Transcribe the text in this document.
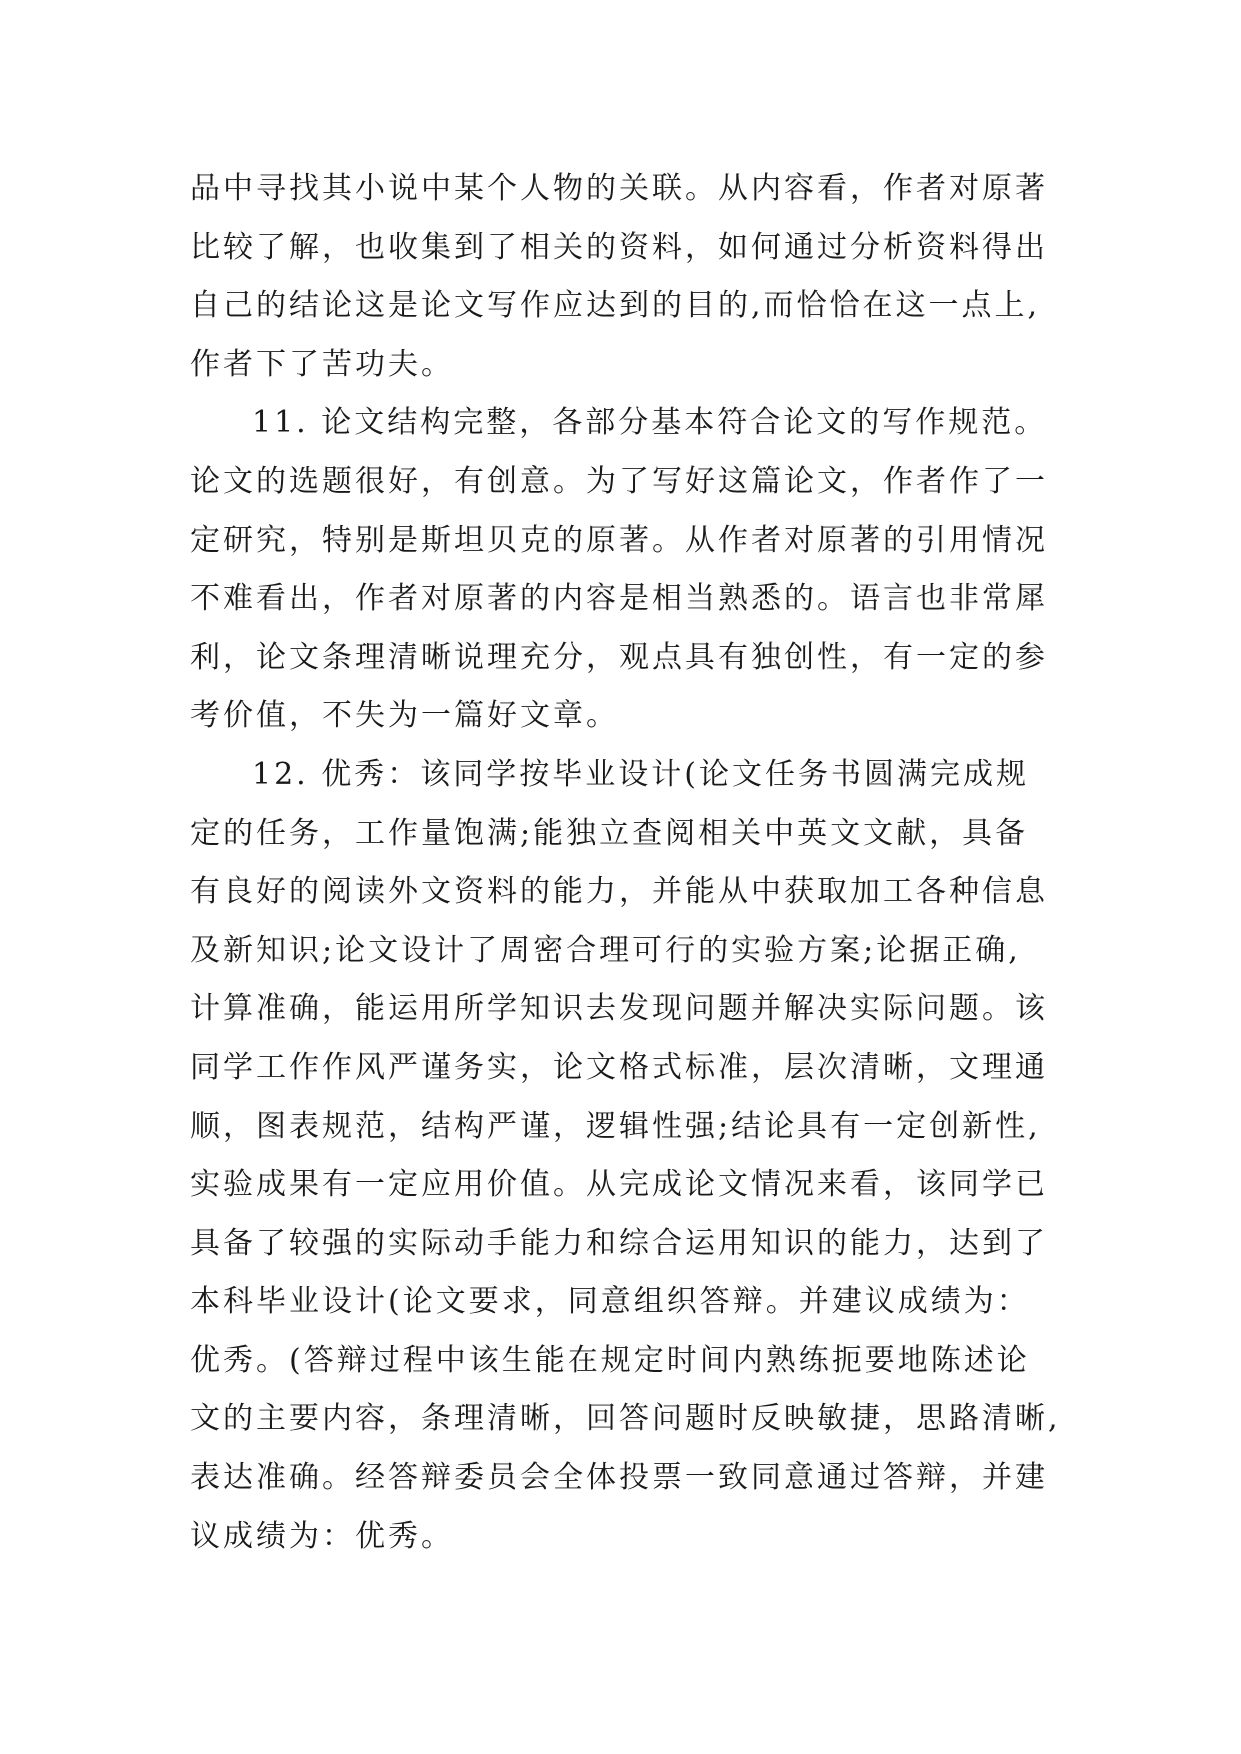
品中寻找其小说中某个人物的关联。从内容看，作者对原著
比较了解，也收集到了相关的资料，如何通过分析资料得出
自己的结论这是论文写作应达到的目的,而恰恰在这一点上,
作者下了苦功夫。
11. 论文结构完整，各部分基本符合论文的写作规范。
论文的选题很好，有创意。为了写好这篇论文，作者作了一
定研究，特别是斯坦贝克的原著。从作者对原著的引用情况
不难看出，作者对原著的内容是相当熟悉的。语言也非常犀
利，论文条理清晰说理充分，观点具有独创性，有一定的参
考价值，不失为一篇好文章。
12. 优秀：该同学按毕业设计(论文任务书圆满完成规
定的任务，工作量饱满;能独立查阅相关中英文文献，具备
有良好的阅读外文资料的能力，并能从中获取加工各种信息
及新知识;论文设计了周密合理可行的实验方案;论据正确,
计算准确，能运用所学知识去发现问题并解决实际问题。该
同学工作作风严谨务实，论文格式标准，层次清晰，文理通
顺，图表规范，结构严谨，逻辑性强;结论具有一定创新性,
实验成果有一定应用价值。从完成论文情况来看，该同学已
具备了较强的实际动手能力和综合运用知识的能力，达到了
本科毕业设计(论文要求，同意组织答辩。并建议成绩为：
优秀。(答辩过程中该生能在规定时间内熟练扼要地陈述论
文的主要内容，条理清晰，回答问题时反映敏捷，思路清晰,
表达准确。经答辩委员会全体投票一致同意通过答辩，并建
议成绩为：优秀。
